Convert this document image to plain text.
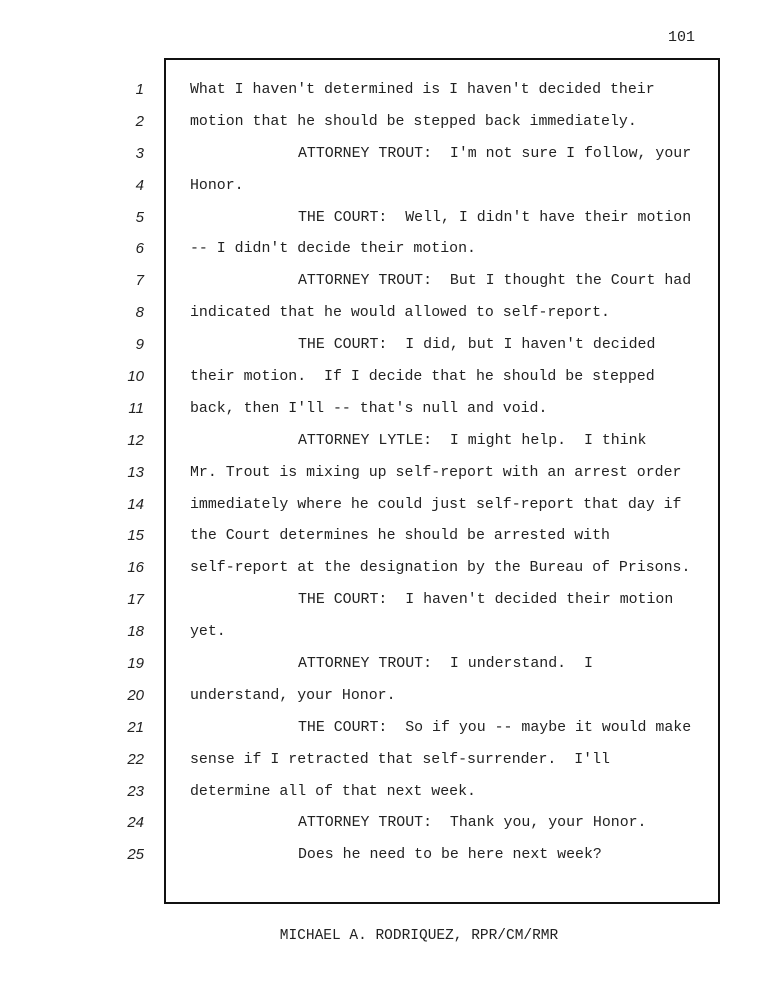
101
1
2
3
4
5
6
7
8
9
10
11
12
13
14
15
16
17
18
19
20
21
22
23
24
25
What I haven't determined is I haven't decided their
motion that he should be stepped back immediately.
ATTORNEY TROUT:  I'm not sure I follow, your
Honor.
THE COURT:  Well, I didn't have their motion
-- I didn't decide their motion.
ATTORNEY TROUT:  But I thought the Court had
indicated that he would allowed to self-report.
THE COURT:  I did, but I haven't decided
their motion.  If I decide that he should be stepped
back, then I'll -- that's null and void.
ATTORNEY LYTLE:  I might help.  I think
Mr. Trout is mixing up self-report with an arrest order
immediately where he could just self-report that day if
the Court determines he should be arrested with
self-report at the designation by the Bureau of Prisons.
THE COURT:  I haven't decided their motion
yet.
ATTORNEY TROUT:  I understand.  I
understand, your Honor.
THE COURT:  So if you -- maybe it would make
sense if I retracted that self-surrender.  I'll
determine all of that next week.
ATTORNEY TROUT:  Thank you, your Honor.
Does he need to be here next week?
MICHAEL A. RODRIQUEZ, RPR/CM/RMR
